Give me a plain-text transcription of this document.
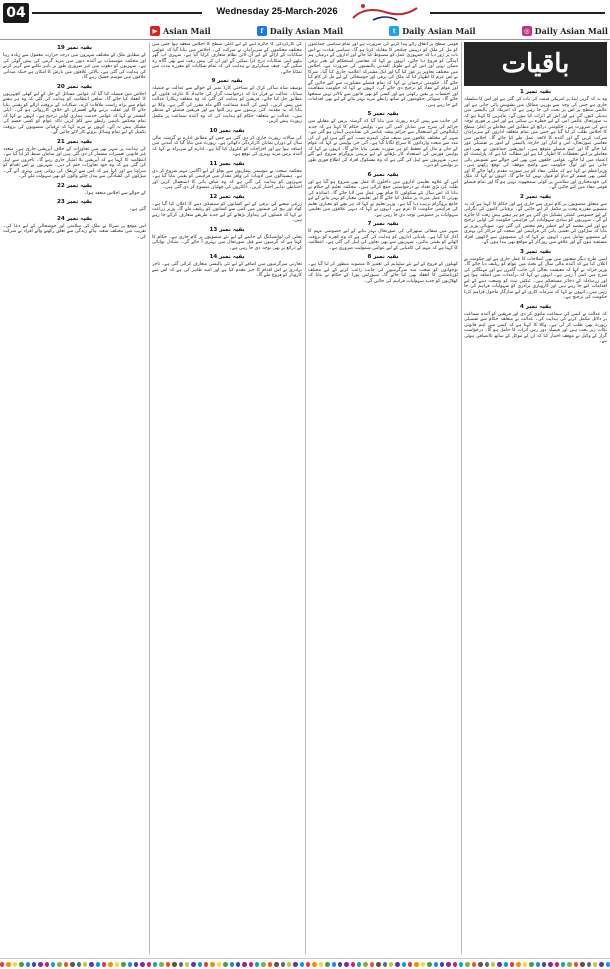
04	Wednesday 25-March-2026
▶ Asian Mail	f Daily Asian Mail	t Daily Asian Mail	◎ Daily Asian Mail
بقیہ نمبر 19
کے مطابق ملک کے مختلف شہروں میں درجہ حرارت معمول سے زیادہ رہا اور محکمہ موسمیات نے آئندہ دنوں میں مزید گرمی کی پیش گوئی کی ہے۔ شہریوں کو دھوپ میں غیر ضروری طور پر باہر نکلنے سے گریز کرنے کی ہدایت کی گئی ہے۔ بالائی علاقوں میں بارش کا امکان ہے جبکہ میدانی علاقوں میں موسم خشک رہے گا۔
بقیہ نمبر 20
اجلاس میں فیصلہ کیا گیا کہ عوامی مسائل کے حل کے لیے کھلی کچہریوں کا انعقاد کیا جائے گا۔ ضلعی انتظامیہ کو ہدایت کی گئی کہ وہ ہر ہفتے عوام سے براہ راست ملاقات کرے۔ شکایات کے بروقت ازالے کو یقینی بنایا جائے گا اور غفلت برتنے والے افسران کے خلاف کارروائی ہو گی۔ ڈپٹی کمشنر نے کہا کہ عوامی خدمت ہماری اولین ترجیح ہے۔ انہوں نے کہا کہ تمام محکمے باہمی رابطے سے کام کریں تاکہ عوام کو کسی قسم کی مشکل پیش نہ آئے۔ انہوں نے مزید کہا کہ ترقیاتی منصوبوں کی بروقت تکمیل کے لیے تمام وسائل بروئے کار لائے جائیں گے۔
بقیہ نمبر 21
کی ہدایت پر شہر بھر میں تجاوزات کے خلاف آپریشن جاری ہے۔ متعدد غیر قانونی تعمیرات مسمار کر دی گئی ہیں اور سامان ضبط کر لیا گیا ہے۔ انتظامیہ کا کہنا ہے کہ آپریشن بلا امتیاز جاری رہے گا۔ تاجروں سے اپیل کی گئی ہے کہ وہ خود تجاوزات ختم کر دیں۔ شہریوں نے اس اقدام کو سراہا ہے اور کہا ہے کہ اس سے ٹریفک کی روانی میں بہتری آئے گی۔ سڑکوں کی کشادگی سے پیدل چلنے والوں کو بھی سہولت ملے گی۔
بقیہ نمبر 22
کے حوالے سے اجلاس منعقد ہوا۔
بقیہ نمبر 23
گئی ہے۔
بقیہ نمبر 24
اس موقع پر شرکا نے ملک کی سلامتی اور خوشحالی کے لیے دعا کی۔ تقریب میں مختلف شعبہ ہائے زندگی سے تعلق رکھنے والے افراد نے شرکت کی۔
کی کارکردگی کا جائزہ لینے کے لیے اعلیٰ سطح کا اجلاس منعقد ہوا جس میں مختلف محکموں کے سربراہان نے شرکت کی۔ اجلاس میں بتایا گیا کہ عوامی شکایات کے ازالے کے لیے آن لائن نظام متعارف کرایا گیا ہے۔ شہری اب گھر بیٹھے اپنی شکایات درج کرا سکیں گے اور ان کی پیش رفت سے بھی آگاہ رہ سکیں گے۔ چیف سیکرٹری نے ہدایت کی کہ تمام شکایات کو مقررہ مدت میں نمٹایا جائے۔
بقیہ نمبر 9
یوسف شاہ ساکن کرک کے شناختی کارڈ نمبر کے حوالے سے عدالت نے فیصلہ سنایا۔ عدالت نے قرار دیا کہ درخواست گزار کی جائیداد کا تنازعہ قانون کے مطابق حل کیا جائے۔ فریقین کو ہدایت کی گئی کہ وہ متعلقہ ریکارڈ عدالت میں پیش کریں۔ کیس کی آئندہ سماعت اگلے ماہ مقرر کی گئی ہے۔ وکلا نے بتایا کہ یہ مقدمہ کئی برسوں سے زیر التوا ہے اور فریقین فیصلے کے منتظر ہیں۔ عدالت نے متعلقہ حکام کو ہدایت کی کہ وہ آئندہ سماعت پر مکمل رپورٹ پیش کریں۔
بقیہ نمبر 10
کی سالانہ رپورٹ جاری کر دی گئی ہے جس کے مطابق ادارے نے گزشتہ مالی سال کے دوران نمایاں کارکردگی دکھائی ہے۔ رپورٹ میں بتایا گیا کہ آمدنی میں اضافہ ہوا ہے اور اخراجات کو کنٹرول کیا گیا ہے۔ ادارے کے سربراہ نے کہا کہ آئندہ برس مزید بہتری کی توقع ہے۔
بقیہ نمبر 11
محکمہ صحت نے موسمی بیماریوں سے بچاؤ کے لیے آگاہی مہم شروع کر دی ہے۔ ہسپتالوں میں ادویات کی وافر مقدار میں فراہمی کو یقینی بنایا گیا ہے۔ شہریوں کو ہدایت کی گئی ہے کہ وہ صاف پانی کا استعمال کریں اور احتیاطی تدابیر اختیار کریں۔ ڈاکٹروں کی چھٹیاں منسوخ کر دی گئی ہیں۔
بقیہ نمبر 12
زرعی شعبے کی ترقی کے لیے کسانوں کو سبسڈی دینے کا اعلان کیا گیا ہے۔ کھاد اور بیج کی قیمتوں میں کمی سے کسانوں کو ریلیف ملے گا۔ وزیر زراعت نے کہا کہ فصلوں کی پیداوار بڑھانے کے لیے جدید طریقے متعارف کرائے جا رہے ہیں۔
بقیہ نمبر 13
بجلی کی لوڈشیڈنگ کے خاتمے کے لیے نئے منصوبوں پر کام جاری ہے۔ حکام کا کہنا ہے کہ گرمیوں سے قبل صورتحال میں بہتری آ جائے گی۔ متبادل توانائی کے ذرائع پر بھی توجہ دی جا رہی ہے۔
بقیہ نمبر 14
تجارتی سرگرمیوں میں اضافے کے لیے نئی پالیسی متعارف کرائی گئی ہے۔ تاجر برادری نے اس اقدام کا خیر مقدم کیا ہے اور امید ظاہر کی ہے کہ اس سے کاروبار کو فروغ ملے گا۔
قومی سطح پر اتفاق رائے پیدا کرنے کی ضرورت ہے اور تمام سیاسی جماعتوں کو مل کر ملک کو درپیش چیلنجز کا مقابلہ کرنا ہو گا۔ سیاسی قیادت نے اس بات پر زور دیا کہ جمہوری عمل کو مضبوط کیا جائے اور اداروں کے درمیان ہم آہنگی کو فروغ دیا جائے۔ انہوں نے کہا کہ معاشی استحکام کے بغیر ترقی ممکن نہیں اور اس کے لیے طویل المدتی پالیسیوں کی ضرورت ہے۔ اجلاس میں مختلف تجاویز پر غور کیا گیا اور ایک مشترکہ اعلامیہ جاری کیا گیا۔ شرکا نے اس عزم کا اظہار کیا کہ ملک کی ترقی اور خوشحالی کے لیے مل کر کام کیا جائے گا۔ حکومتی ترجمان نے کہا کہ تمام فیصلے مشاورت سے کیے جائیں گے اور عوام کے مفاد کو ترجیح دی جائے گی۔ انہوں نے کہا کہ حکومت شفافیت اور احتساب پر یقین رکھتی ہے اور کسی کو بھی قانون سے بالاتر نہیں سمجھا جائے گا۔ صوبائی حکومتوں کے ساتھ رابطے مزید بہتر بنانے کے لیے بھی اقدامات کیے جا رہے ہیں۔
بقیہ نمبر 5
کی جانب سے پیش کردہ رپورٹ میں بتایا گیا کہ گزشتہ برس کے مقابلے میں جرائم کی شرح میں نمایاں کمی آئی ہے۔ پولیس حکام کا کہنا ہے کہ جدید ٹیکنالوجی کے استعمال سے جرائم پیشہ عناصر کی نشاندہی آسان ہو گئی ہے۔ شہر کے مختلف علاقوں میں سیف سٹی کیمرے نصب کیے گئے ہیں اور ان کی مدد سے متعدد وارداتوں کا سراغ لگایا گیا ہے۔ آئی جی پولیس نے کہا کہ عوام کے جان و مال کے تحفظ کو ہر صورت یقینی بنایا جائے گا۔ انہوں نے کہا کہ پولیس فورس کی استعداد کار بڑھانے کے لیے تربیتی پروگرام شروع کیے گئے ہیں۔ شہریوں سے اپیل کی گئی ہے کہ وہ مشکوک افراد کی اطلاع فوری طور پر پولیس کو دیں۔
بقیہ نمبر 6
اس کے علاوہ تعلیمی اداروں میں داخلوں کا عمل بھی شروع ہو گیا ہے اور طلبہ کی بڑی تعداد نے درخواستیں جمع کرائی ہیں۔ محکمہ تعلیم کے حکام نے بتایا کہ اس سال نئے سکولوں کا قیام بھی عمل میں لایا جائے گا۔ اساتذہ کی بھرتی کا عمل میرٹ پر مکمل کیا جائے گا اور تعلیمی معیار کو بہتر بنانے کے لیے جامع پروگرام ترتیب دیا گیا ہے۔ وزیر تعلیم نے کہا کہ ہر بچے کو معیاری تعلیم کی فراہمی حکومت کا عزم ہے۔ انہوں نے کہا کہ دیہی علاقوں میں تعلیمی سہولیات پر خصوصی توجہ دی جا رہی ہے۔
بقیہ نمبر 7
شہر میں صفائی ستھرائی کی صورتحال بہتر بنانے کے لیے خصوصی مہم کا آغاز کیا گیا ہے۔ بلدیاتی اداروں کو ہدایت کی گئی ہے کہ وہ کچرے کو بروقت اٹھانے کو یقینی بنائیں۔ شہریوں سے بھی تعاون کی اپیل کی گئی ہے۔ انتظامیہ کا کہنا ہے کہ مہم کی کامیابی کے لیے عوامی شمولیت ضروری ہے۔
بقیہ نمبر 8
کھیلوں کے فروغ کے لیے نئے سٹیڈیم کی تعمیر کا منصوبہ منظور کر لیا گیا ہے۔ نوجوانوں کو صحت مند سرگرمیوں کی جانب راغب کرنے کے لیے مختلف ٹورنامنٹس کا انعقاد بھی کیا جائے گا۔ سپورٹس بورڈ کے حکام نے بتایا کہ کھلاڑیوں کو جدید سہولیات فراہم کی جائیں گی۔
باقیات
بقیہ نمبر 1
وہ یہ کہ گرین لینڈ پر امریکی قبضہ کی بات کی گئی ہے اور اس کا سلسلہ جاری ہے جس کی وجہ سے یورپی ممالک میں تشویش پائی جاتی ہے اور عالمی سطح پر اس پر بحث کی جا رہی ہے کہ امریکہ کی پالیسی میں تبدیلی کیوں آئی ہے اور اس کے اثرات کیا ہوں گے۔ ماہرین کا کہنا ہے کہ یہ صورتحال عالمی امن کے لیے خطرہ بن سکتی ہے اور اس پر فوری توجہ دینے کی ضرورت ہے۔ حکومتی ذرائع کے مطابق اس معاملے پر اعلیٰ سطح کا اجلاس طلب کر لیا گیا ہے جس میں تمام متعلقہ اداروں کے سربراہان شرکت کریں گے اور آئندہ کا لائحہ عمل طے کیا جائے گا۔ اجلاس میں معاشی صورتحال، امن و امان اور خارجہ پالیسی کے امور پر تفصیلی غور کیا جائے گا اور اہم فیصلے متوقع ہیں۔ اپوزیشن جماعتوں نے بھی اس معاملے پر اپنے تحفظات کا اظہار کیا ہے اور مطالبہ کیا ہے کہ پارلیمنٹ کو اعتماد میں لیا جائے۔ عوامی حلقوں میں بھی اس حوالے سے تشویش پائی جاتی ہے اور لوگ حکومت سے واضح موقف کی توقع رکھتے ہیں۔ وزیراعظم نے کہا ہے کہ ملکی مفاد کو ہر صورت مقدم رکھا جائے گا اور کسی بھی قسم کے دباؤ کو قبول نہیں کیا جائے گا۔ انہوں نے کہا کہ ملک کی خودمختاری اور سلامتی پر کوئی سمجھوتہ نہیں ہو گا اور تمام فیصلے قومی مفاد میں کیے جائیں گے۔
بقیہ نمبر 2
سے متعلق منصوبوں پر کام تیزی سے جاری ہے اور حکام کا کہنا ہے کہ یہ منصوبے مقررہ وقت پر مکمل کر لیے جائیں گے۔ ترقیاتی کاموں کی نگرانی کے لیے خصوصی کمیٹی تشکیل دی گئی ہے جو ہر ہفتے پیش رفت کا جائزہ لے گی۔ شہریوں کو بنیادی سہولیات کی فراہمی حکومت کی اولین ترجیح ہے اور اس مقصد کے لیے خطیر رقم مختص کی گئی ہے۔ صوبائی وزیر نے بتایا کہ سڑکوں کی تعمیر، پانی کی فراہمی اور صحت کے مراکز کی بہتری کے منصوبے شامل ہیں۔ انہوں نے کہا کہ ان منصوبوں سے لاکھوں افراد مستفید ہوں گے اور علاقے میں روزگار کے مواقع بھی پیدا ہوں گے۔
بقیہ نمبر 3
اسی طرح دیگر شعبوں میں بھی اصلاحات کا عمل جاری ہے اور حکومت نے اعلان کیا ہے کہ آئندہ مالی سال کے بجٹ میں عوام کو ریلیف دیا جائے گا۔ وزیر خزانہ نے کہا کہ معیشت بحالی کی جانب گامزن ہے اور مہنگائی کی شرح میں کمی آ رہی ہے۔ انہوں نے کہا کہ برآمدات میں اضافہ ہوا ہے اور زرمبادلہ کے ذخائر مستحکم ہیں۔ ٹیکس نیٹ کو وسعت دینے کے لیے اقدامات کیے جا رہے ہیں اور کاروباری برادری کو سہولیات فراہم کی جا رہی ہیں۔ انہوں نے کہا کہ سرمایہ کاری کے لیے سازگار ماحول فراہم کرنا حکومت کی ترجیح ہے۔
بقیہ نمبر 4
کہ عدالت نے کیس کی سماعت ملتوی کر دی اور فریقین کو آئندہ سماعت پر دلائل مکمل کرنے کی ہدایت کی۔ عدالت نے متعلقہ حکام سے تفصیلی رپورٹ بھی طلب کر لی ہے۔ وکلا کا کہنا ہے کہ کیس میں اہم قانونی نکات زیر بحث ہیں اور فیصلہ دور رس اثرات کا حامل ہو گا۔ درخواست گزار کے وکیل نے موقف اختیار کیا کہ ان کے موکل کے ساتھ ناانصافی ہوئی ہے۔
